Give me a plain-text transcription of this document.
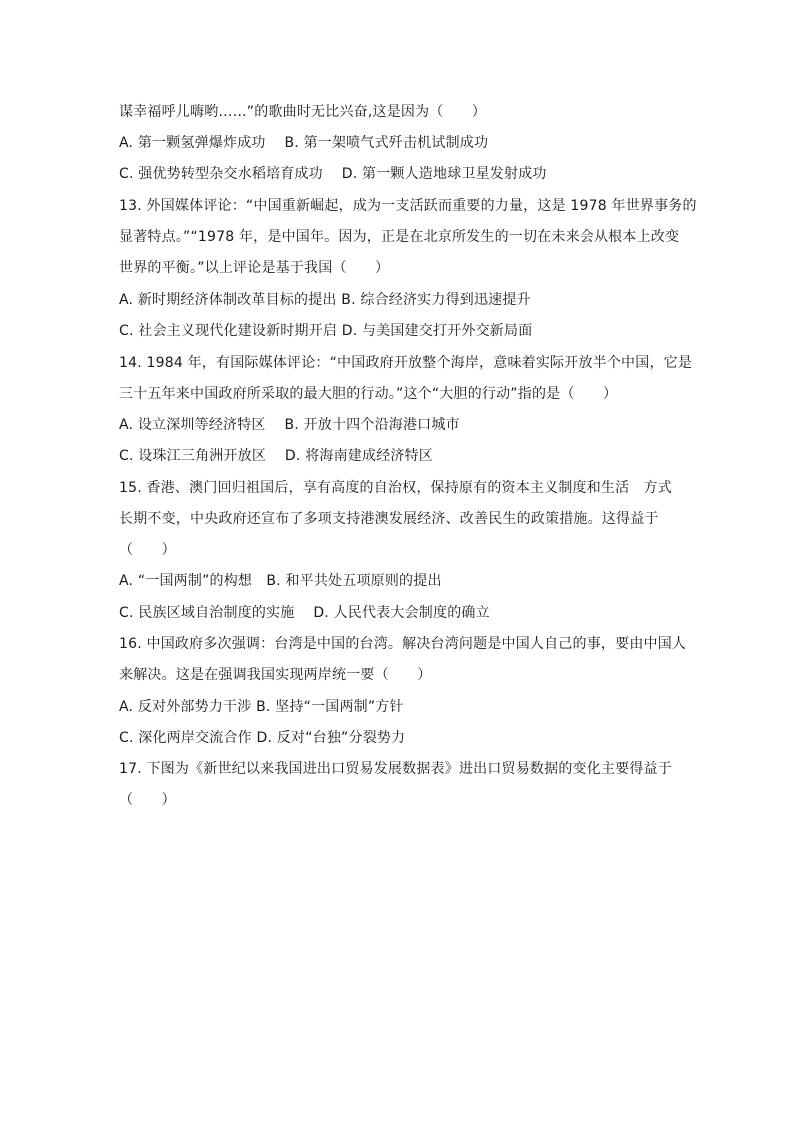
谋幸福呼儿嗨哟……”的歌曲时无比兴奋,这是因为（　　）
A. 第一颗氢弹爆炸成功　 B. 第一架喷气式歼击机试制成功
C. 强优势转型杂交水稻培育成功　 D. 第一颗人造地球卫星发射成功
13. 外国媒体评论：“中国重新崛起，成为一支活跃而重要的力量，这是 1978 年世界事务的
显著特点。”“1978 年，是中国年。因为，正是在北京所发生的一切在未来会从根本上改变
世界的平衡。”以上评论是基于我国（　　）
A. 新时期经济体制改革目标的提出 B. 综合经济实力得到迅速提升
C. 社会主义现代化建设新时期开启 D. 与美国建交打开外交新局面
14. 1984 年，有国际媒体评论：“中国政府开放整个海岸，意味着实际开放半个中国，它是
三十五年来中国政府所采取的最大胆的行动。”这个“大胆的行动”指的是（　　）
A. 设立深圳等经济特区　 B. 开放十四个沿海港口城市
C. 设珠江三角洲开放区　 D. 将海南建成经济特区
15. 香港、澳门回归祖国后，享有高度的自治权，保持原有的资本主义制度和生活　方式
长期不变，中央政府还宣布了多项支持港澳发展经济、改善民生的政策措施。这得益于
（　　）
A. “一国两制”的构想　B. 和平共处五项原则的提出
C. 民族区域自治制度的实施　 D. 人民代表大会制度的确立
16. 中国政府多次强调：台湾是中国的台湾。解决台湾问题是中国人自己的事，要由中国人
来解决。这是在强调我国实现两岸统一要（　　）
A. 反对外部势力干涉 B. 坚持“一国两制”方针
C. 深化两岸交流合作 D. 反对“台独”分裂势力
17. 下图为《新世纪以来我国进出口贸易发展数据表》进出口贸易数据的变化主要得益于
（　　）
